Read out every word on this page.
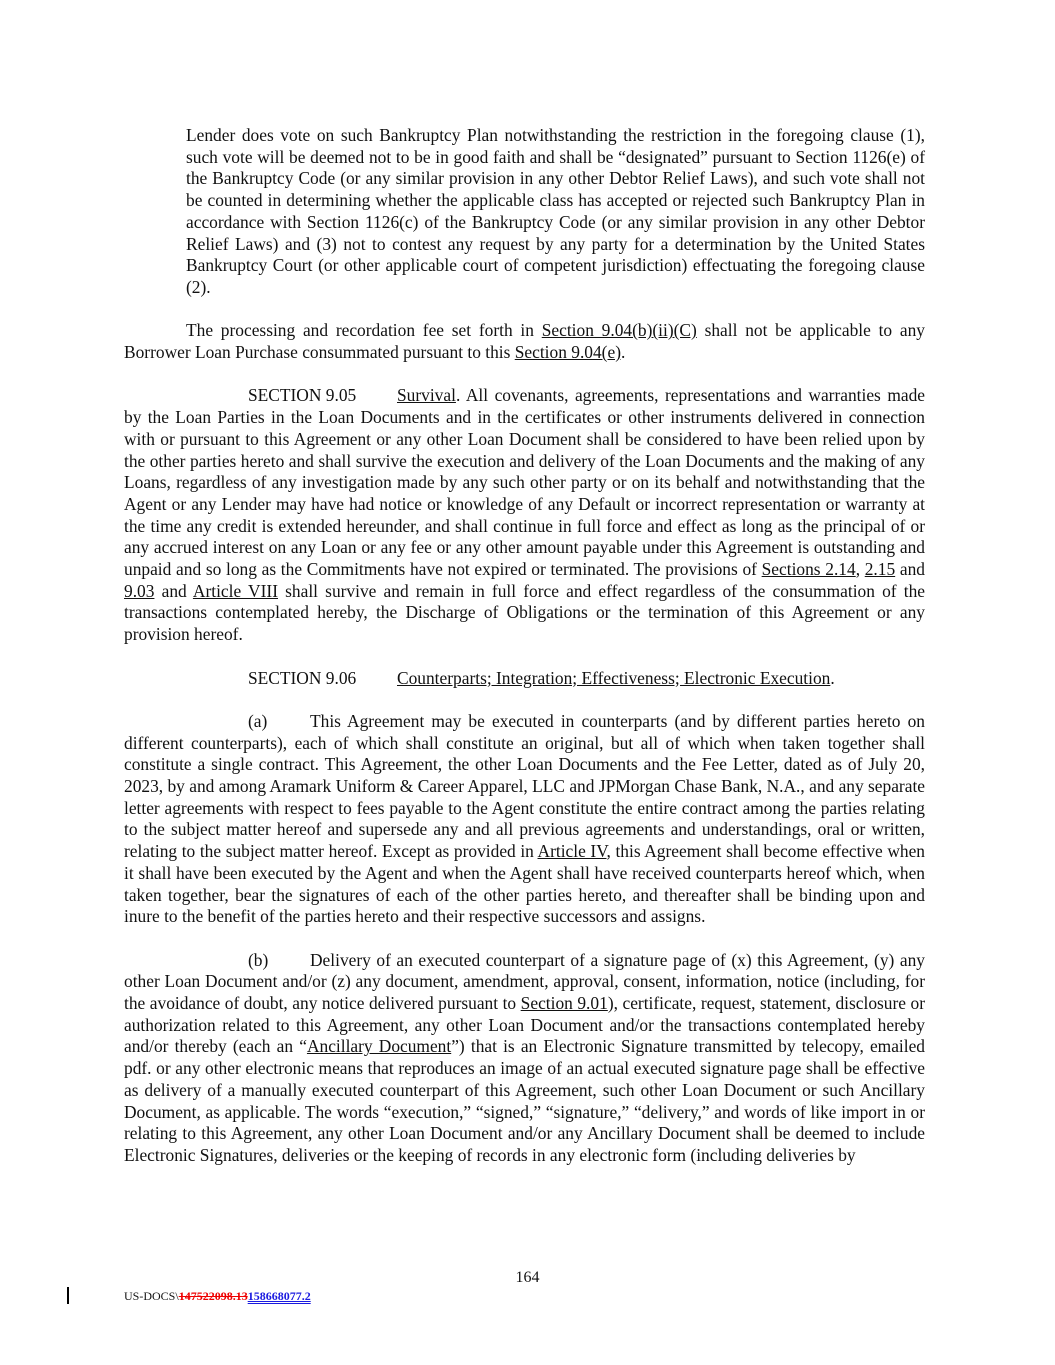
Lender does vote on such Bankruptcy Plan notwithstanding the restriction in the foregoing clause (1), such vote will be deemed not to be in good faith and shall be “designated” pursuant to Section 1126(e) of the Bankruptcy Code (or any similar provision in any other Debtor Relief Laws), and such vote shall not be counted in determining whether the applicable class has accepted or rejected such Bankruptcy Plan in accordance with Section 1126(c) of the Bankruptcy Code (or any similar provision in any other Debtor Relief Laws) and (3) not to contest any request by any party for a determination by the United States Bankruptcy Court (or other applicable court of competent jurisdiction) effectuating the foregoing clause (2).

The processing and recordation fee set forth in Section 9.04(b)(ii)(C) shall not be applicable to any Borrower Loan Purchase consummated pursuant to this Section 9.04(e).

SECTION 9.05 Survival. All covenants, agreements, representations and warranties made by the Loan Parties in the Loan Documents and in the certificates or other instruments delivered in connection with or pursuant to this Agreement or any other Loan Document shall be considered to have been relied upon by the other parties hereto and shall survive the execution and delivery of the Loan Documents and the making of any Loans, regardless of any investigation made by any such other party or on its behalf and notwithstanding that the Agent or any Lender may have had notice or knowledge of any Default or incorrect representation or warranty at the time any credit is extended hereunder, and shall continue in full force and effect as long as the principal of or any accrued interest on any Loan or any fee or any other amount payable under this Agreement is outstanding and unpaid and so long as the Commitments have not expired or terminated. The provisions of Sections 2.14, 2.15 and 9.03 and Article VIII shall survive and remain in full force and effect regardless of the consummation of the transactions contemplated hereby, the Discharge of Obligations or the termination of this Agreement or any provision hereof.

SECTION 9.06 Counterparts; Integration; Effectiveness; Electronic Execution.

(a) This Agreement may be executed in counterparts (and by different parties hereto on different counterparts), each of which shall constitute an original, but all of which when taken together shall constitute a single contract. This Agreement, the other Loan Documents and the Fee Letter, dated as of July 20, 2023, by and among Aramark Uniform & Career Apparel, LLC and JPMorgan Chase Bank, N.A., and any separate letter agreements with respect to fees payable to the Agent constitute the entire contract among the parties relating to the subject matter hereof and supersede any and all previous agreements and understandings, oral or written, relating to the subject matter hereof. Except as provided in Article IV, this Agreement shall become effective when it shall have been executed by the Agent and when the Agent shall have received counterparts hereof which, when taken together, bear the signatures of each of the other parties hereto, and thereafter shall be binding upon and inure to the benefit of the parties hereto and their respective successors and assigns.

(b) Delivery of an executed counterpart of a signature page of (x) this Agreement, (y) any other Loan Document and/or (z) any document, amendment, approval, consent, information, notice (including, for the avoidance of doubt, any notice delivered pursuant to Section 9.01), certificate, request, statement, disclosure or authorization related to this Agreement, any other Loan Document and/or the transactions contemplated hereby and/or thereby (each an “Ancillary Document”) that is an Electronic Signature transmitted by telecopy, emailed pdf. or any other electronic means that reproduces an image of an actual executed signature page shall be effective as delivery of a manually executed counterpart of this Agreement, such other Loan Document or such Ancillary Document, as applicable. The words “execution,” “signed,” “signature,” “delivery,” and words of like import in or relating to this Agreement, any other Loan Document and/or any Ancillary Document shall be deemed to include Electronic Signatures, deliveries or the keeping of records in any electronic form (including deliveries by

164
US-DOCS\147522098.13158668077.2
